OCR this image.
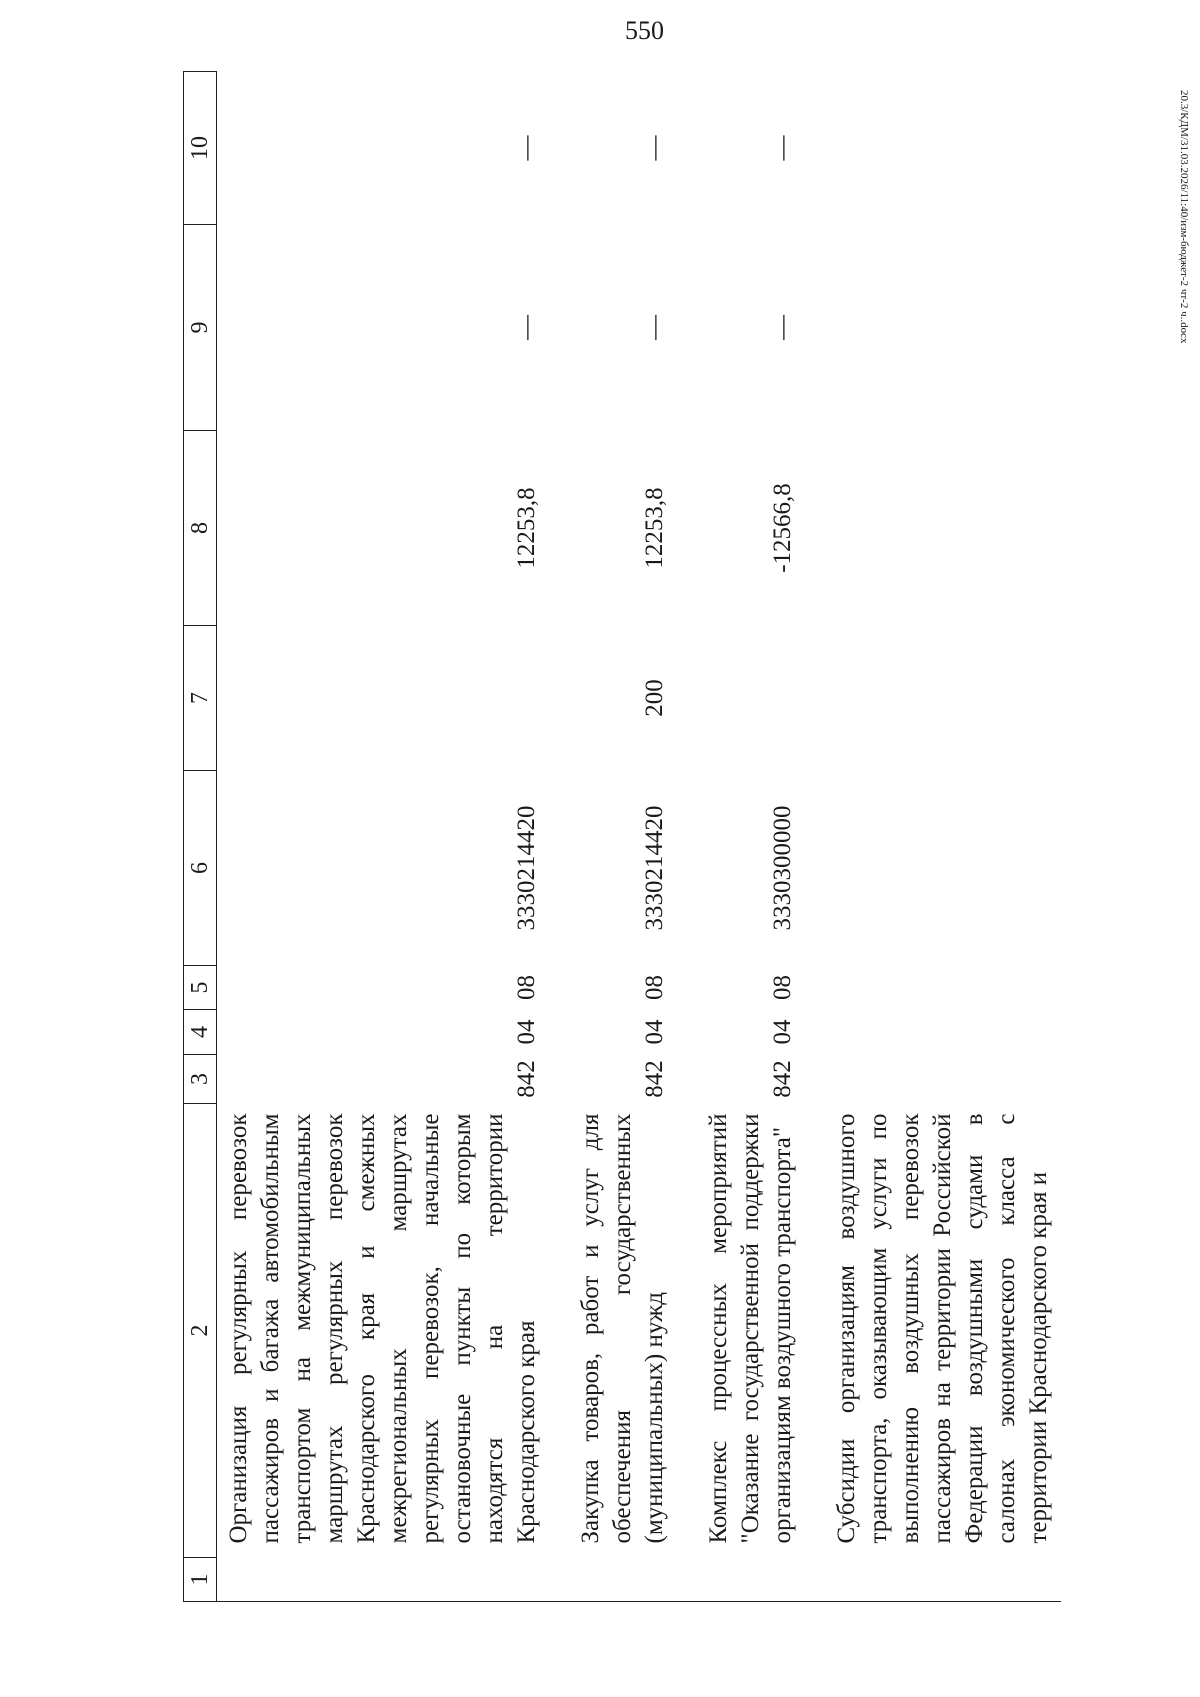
550
20.3/КДМ/31.03.2026/11:40/изм-бюджет-2 чт-2 ч..docx
1	2	3	4	5	6	7	8	9	10
	Организация регулярных перевозок пассажиров и багажа автомобильным транспортом на межмуниципальных маршрутах регулярных перевозок Краснодарского края и смежных межрегиональных маршрутах регулярных перевозок, начальные остановочные пункты по которым находятся на территории Краснодарского края	842	04	08	3330214420		12253,8	—	—

	Закупка товаров, работ и услуг для обеспечения государственных (муниципальных) нужд	842	04	08	3330214420	200	12253,8	—	—

	Комплекс процессных мероприятий "Оказание государственной поддержки организациям воздушного транспорта"	842	04	08	3330300000		-12566,8	—	—

	Субсидии организациям воздушного транспорта, оказывающим услуги по выполнению воздушных перевозок пассажиров на территории Российской Федерации воздушными судами в салонах экономического класса с территории Краснодарского края и								
